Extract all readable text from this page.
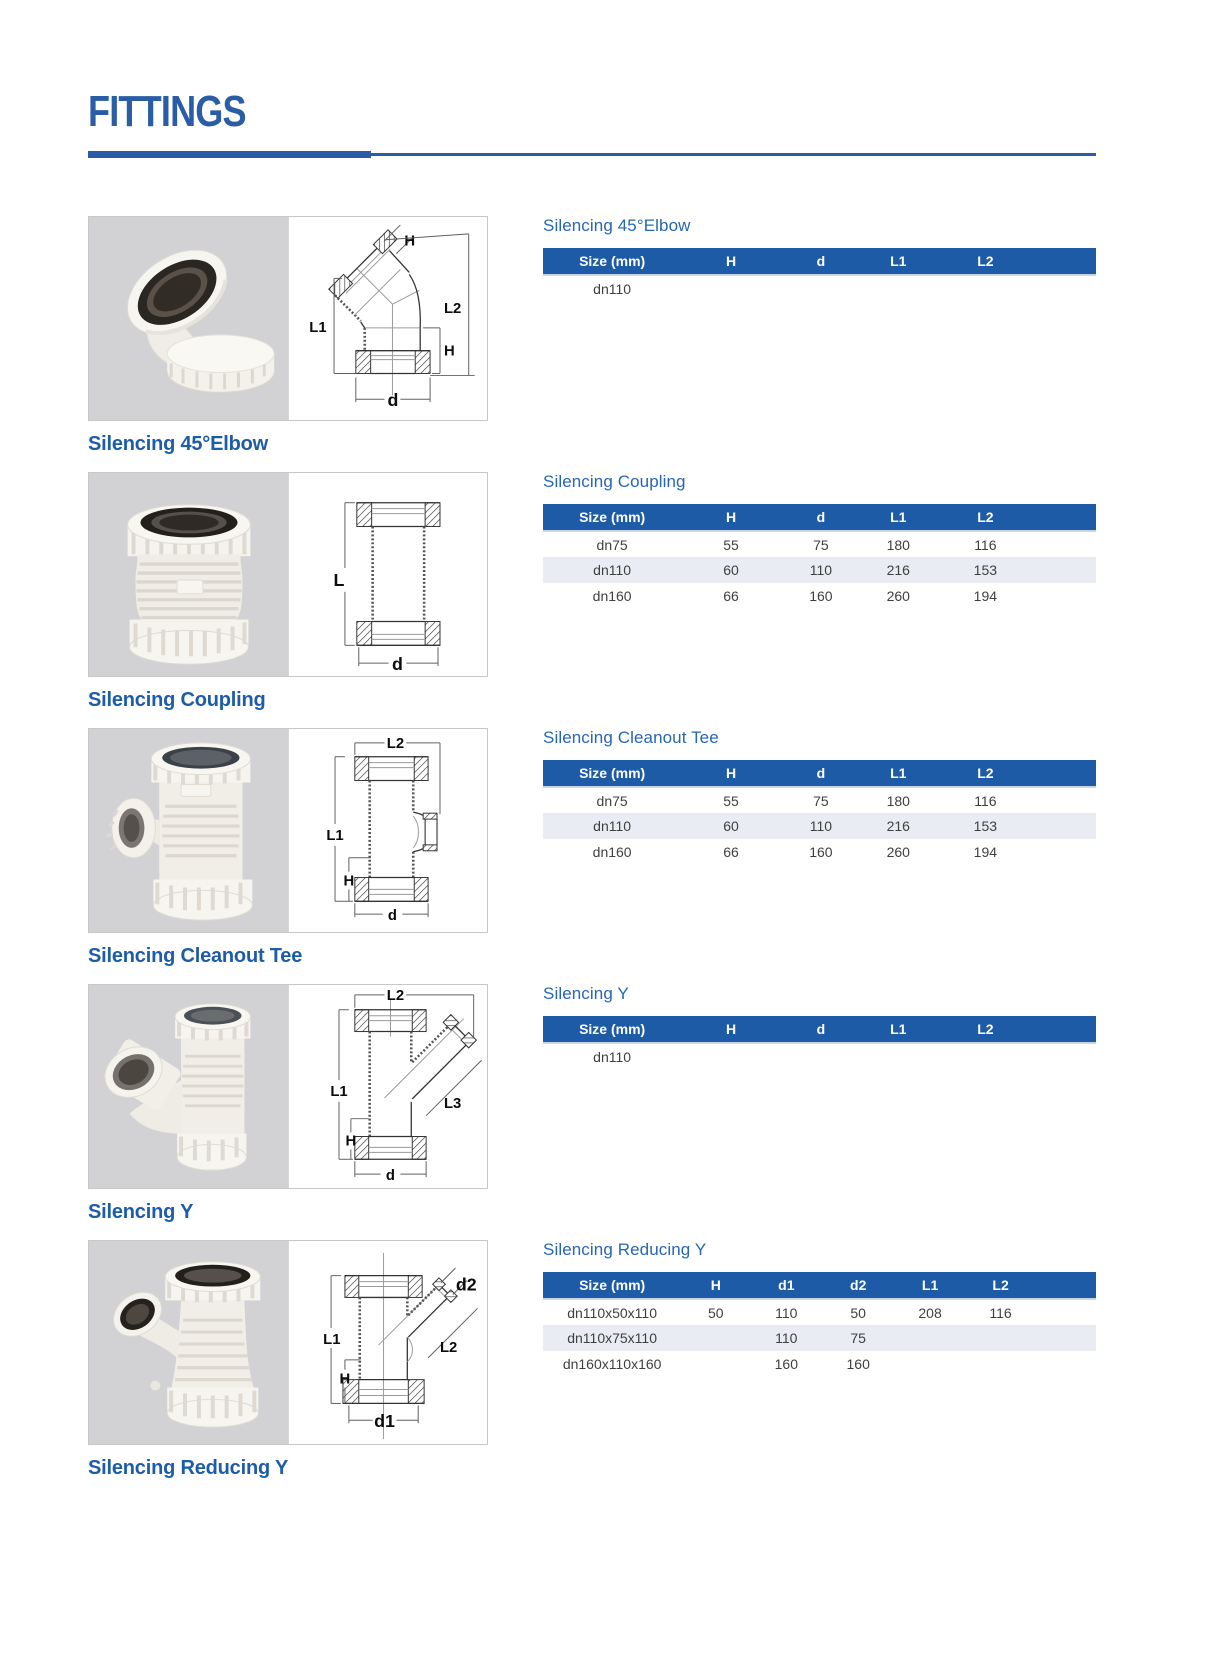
FITTINGS
H
L2
L1
H
d
Silencing 45°Elbow
Silencing 45°Elbow
Size (mm)	H	d	L1	L2	
dn110					
L
d
Silencing Coupling
Silencing Coupling
Size (mm)	H	d	L1	L2	
dn75	55	75	180	116	
dn110	60	110	216	153	
dn160	66	160	260	194	
L2
L1
H
d
Silencing Cleanout Tee
Silencing Cleanout Tee
Size (mm)	H	d	L1	L2	
dn75	55	75	180	116	
dn110	60	110	216	153	
dn160	66	160	260	194	
L2
L1
L3
H
d
Silencing Y
Silencing Y
Size (mm)	H	d	L1	L2	
dn110					
d2
L2
L1
H
d1
Silencing Reducing Y
Silencing Reducing Y
Size (mm)	H	d1	d2	L1	L2	
dn110x50x110	50	110	50	208	116	
dn110x75x110		110	75			
dn160x110x160		160	160			
